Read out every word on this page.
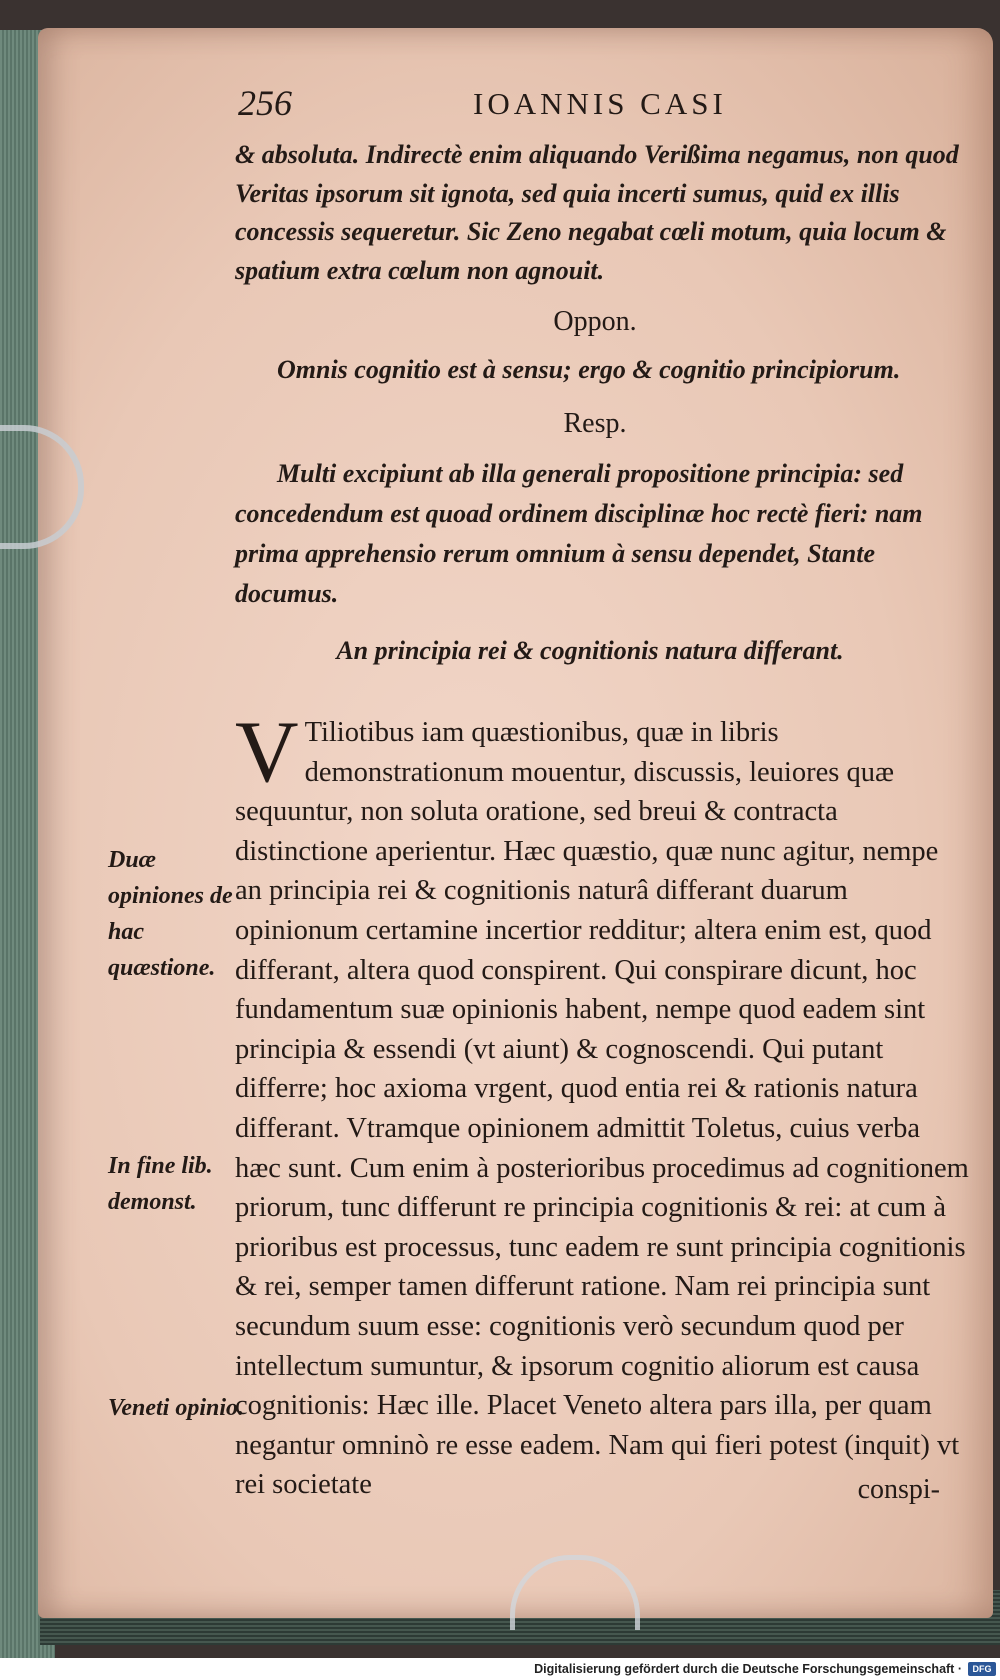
256	IOANNIS CASI
& absoluta. Indirectè enim aliquando Verißima negamus, non quod Veritas ipsorum sit ignota, sed quia incerti sumus, quid ex illis concessis sequeretur. Sic Zeno negabat cœli motum, quia locum & spatium extra cœlum non agnouit.
Oppon.
Omnis cognitio est à sensu; ergo & cognitio principiorum.
Resp.
Multi excipiunt ab illa generali propositione principia: sed concedendum est quoad ordinem disciplinæ hoc rectè fieri: nam prima apprehensio rerum omnium à sensu dependet, Stante documus.
An principia rei & cognitionis natura differant.
V Tiliotibus iam quæstionibus, quæ in libris demonstrationum mouentur, discussis, leuiores quæ sequuntur, non soluta oratione, sed breui & contracta distinctione aperientur. Hæc quæstio, quæ nunc agitur, nempe an principia rei & cognitionis naturâ differant duarum opinionum certamine incertior redditur; altera enim est, quod differant, altera quod conspirent. Qui conspirare dicunt, hoc fundamentum suæ opinionis habent, nempe quod eadem sint principia & essendi (vt aiunt) & cognoscendi. Qui putant differre; hoc axioma vrgent, quod entia rei & rationis natura differant. Vtramque opinionem admittit Toletus, cuius verba hæc sunt. Cum enim à posterioribus procedimus ad cognitionem priorum, tunc differunt re principia cognitionis & rei: at cum à prioribus est processus, tunc eadem re sunt principia cognitionis & rei, semper tamen differunt ratione. Nam rei principia sunt secundum suum esse: cognitionis verò secundum quod per intellectum sumuntur, & ipsorum cognitio aliorum est causa cognitionis: Hæc ille. Placet Veneto altera pars illa, per quam negantur omninò re esse eadem. Nam qui fieri potest (inquit) vt rei societate
Duæ opiniones de hac quæstione.
In fine lib. demonst.
Veneti opinio.
conspi-
Digitalisierung gefördert durch die Deutsche Forschungsgemeinschaft ·	DFG
